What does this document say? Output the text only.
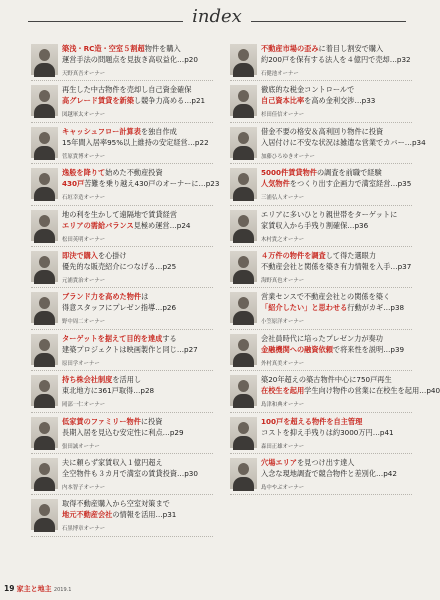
index
築浅・RC造・空室５割超物件を購入
運営手法の問題点を見抜き高収益化…p20
天野真吾オーナー
再生した中古物件を売却し自己資金確保
高グレード賃貸を新築し競争力高める…p21
図越軍太オーナー
キャッシュフロー計算表を独自作成
15年間入居率95%以上維持の安定経営…p22
菅原貴博オーナー
逸般を降りて始めた不動産投資
430戸苦難を乗り越え430戸のオーナーに…p23
石垣幸造オーナー
地の利を生かして遠隔地で賃貸経営
エリアの需給バランス見極め運営…p24
松田英明オーナー
即決で購入を心掛け
優先的な販売紹介につなげる…p25
元浦貴治オーナー
ブランド力を高めた物件は
得意スタッフにプレゼン指導…p26
野中周二オーナー
ターゲットを据えて目的を達成する
建築プロジェクトは映画製作と同じ…p27
原田学オーナー
持ち株会社制度を活用し
東北地方に361戸取得…p28
岡部一仁オーナー
低家賃のファミリー物件に投資
長期入居を見込む安定性に利点…p29
張田誠オーナー
夫に頼らず家賃収入１億円超え
全空物件も３カ月で満室の賃貸投資…p30
内本智子オーナー
取得不動産購入から空室対策まで
地元不動産会社の情報を活用…p31
石黒博章オーナー
不動産市場の歪みに着目し割安で購入
約200戸を保有する法人を４億円で売却…p32
石健池オーナー
徹底的な税金コントロールで
自己資本比率を高め金利交渉…p33
杉田佳信オーナー
借金不要の格安＆高利回り物件に投資
入居付けに不安な状況は雑遣な営業でカバー…p34
加藤ひろゆきオーナー
5000件賃貸物件の調査を前職で経験
人気物件をつくり出す企画力で満室経営…p35
三浦弘人オーナー
エリアに多いひとり親世帯をターゲットに
家賃収入から手残り割確保…p36
木村貴之オーナー
４万件の物件を調査して得た選眼力
不動産会社と関係を築き有力情報を入手…p37
海野真也オーナー
営業センスで不動産会社との関係を築く
「紹介したい」と思わせる行動がカギ…p38
小笠原洋オーナー
会社員時代に培ったプレゼン力が奏功
金融機関への融資依頼で将来性を説明…p39
外村真美オーナー
築20年超えの築古物件中心に750戸再生
在校生を起用学生向け物件の営業に在校生を起用…p40
島津和典オーナー
100戸を超える物件を自主管理
コストを抑え手残りは約3000万円…p41
森田正雄オーナー
穴場エリアを見つけ出す達人
入念な現地調査で競合物件と差別化…p42
島中やぶオーナー
19 家主と地主 2019.1
